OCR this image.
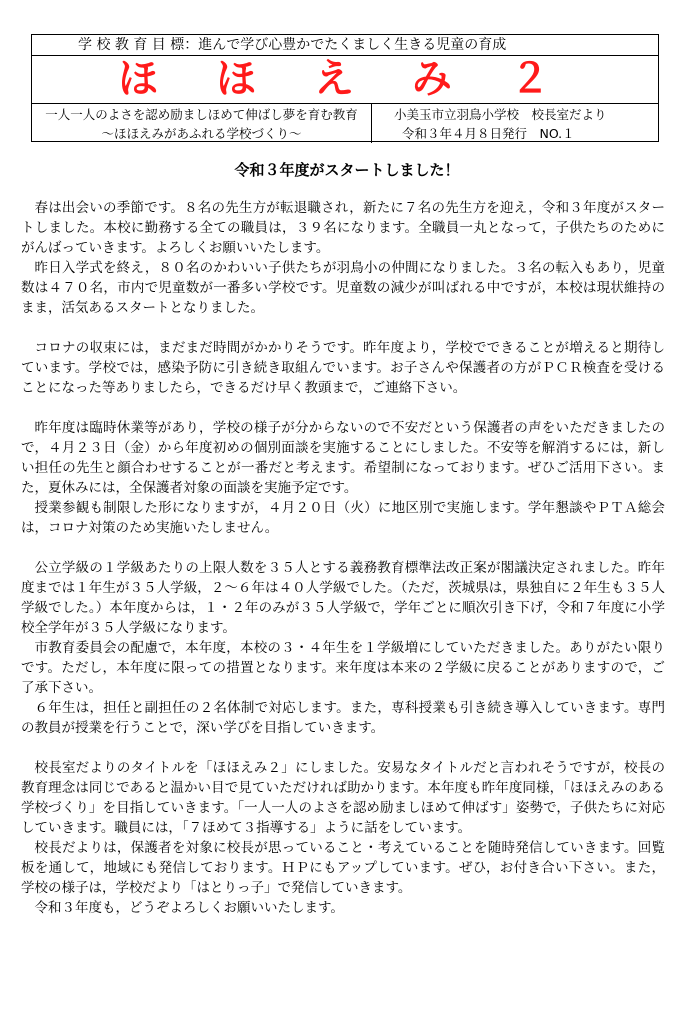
学 校 教 育 目 標：進んで学び心豊かでたくましく生きる児童の育成
ほ ほ え み ２
一人一人のよさを認め励ましほめて伸ばし夢を育む教育
～ほほえみがあふれる学校づくり～
小美玉市立羽鳥小学校　校長室だより
令和３年４月８日発行　NO.１
令和３年度がスタートしました！

春は出会いの季節です。８名の先生方が転退職され，新たに７名の先生方を迎え，令和３年度がスタートしました。本校に勤務する全ての職員は，３９名になります。全職員一丸となって，子供たちのためにがんばっていきます。よろしくお願いいたします。

昨日入学式を終え，８０名のかわいい子供たちが羽鳥小の仲間になりました。３名の転入もあり，児童数は４７０名，市内で児童数が一番多い学校です。児童数の減少が叫ばれる中ですが，本校は現状維持のまま，活気あるスタートとなりました。

コロナの収束には，まだまだ時間がかかりそうです。昨年度より，学校でできることが増えると期待しています。学校では，感染予防に引き続き取組んでいます。お子さんや保護者の方がＰＣＲ検査を受けることになった等ありましたら，できるだけ早く教頭まで，ご連絡下さい。

昨年度は臨時休業等があり，学校の様子が分からないので不安だという保護者の声をいただきましたので，４月２３日（金）から年度初めの個別面談を実施することにしました。不安等を解消するには，新しい担任の先生と顔合わせすることが一番だと考えます。希望制になっております。ぜひご活用下さい。また，夏休みには，全保護者対象の面談を実施予定です。

授業参観も制限した形になりますが，４月２０日（火）に地区別で実施します。学年懇談やＰＴＡ総会は，コロナ対策のため実施いたしません。

公立学級の１学級あたりの上限人数を３５人とする義務教育標準法改正案が閣議決定されました。昨年度までは１年生が３５人学級，２～６年は４０人学級でした。（ただ，茨城県は，県独自に２年生も３５人学級でした。）本年度からは，１・２年のみが３５人学級で，学年ごとに順次引き下げ，令和７年度に小学校全学年が３５人学級になります。

市教育委員会の配慮で，本年度，本校の３・４年生を１学級増にしていただきました。ありがたい限りです。ただし，本年度に限っての措置となります。来年度は本来の２学級に戻ることがありますので，ご了承下さい。

６年生は，担任と副担任の２名体制で対応します。また，専科授業も引き続き導入していきます。専門の教員が授業を行うことで，深い学びを目指していきます。

校長室だよりのタイトルを「ほほえみ２」にしました。安易なタイトルだと言われそうですが，校長の教育理念は同じであると温かい目で見ていただければ助かります。本年度も昨年度同様，「ほほえみのある学校づくり」を目指していきます。「一人一人のよさを認め励ましほめて伸ばす」姿勢で，子供たちに対応していきます。職員には，「７ほめて３指導する」ように話をしています。

校長だよりは，保護者を対象に校長が思っていること・考えていることを随時発信していきます。回覧板を通して，地域にも発信しております。ＨＰにもアップしています。ぜひ，お付き合い下さい。また，学校の様子は，学校だより「はとりっ子」で発信していきます。

令和３年度も，どうぞよろしくお願いいたします。
